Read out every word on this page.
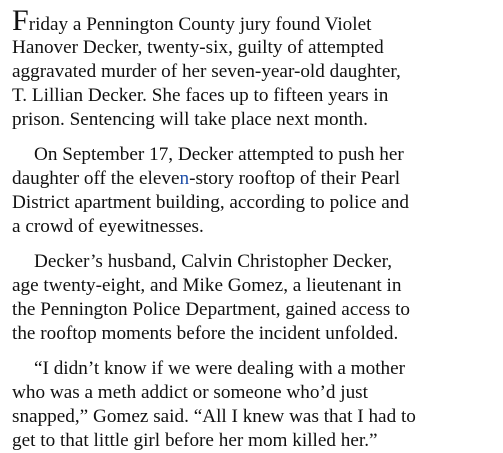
Friday a Pennington County jury found Violet
Hanover Decker, twenty-six, guilty of attempted
aggravated murder of her seven-year-old daughter,
T. Lillian Decker. She faces up to fifteen years in
prison. Sentencing will take place next month.

On September 17, Decker attempted to push her
daughter off the eleven-story rooftop of their Pearl
District apartment building, according to police and
a crowd of eyewitnesses.

Decker’s husband, Calvin Christopher Decker,
age twenty-eight, and Mike Gomez, a lieutenant in
the Pennington Police Department, gained access to
the rooftop moments before the incident unfolded.

“I didn’t know if we were dealing with a mother
who was a meth addict or someone who’d just
snapped,” Gomez said. “All I knew was that I had to
get to that little girl before her mom killed her.”
